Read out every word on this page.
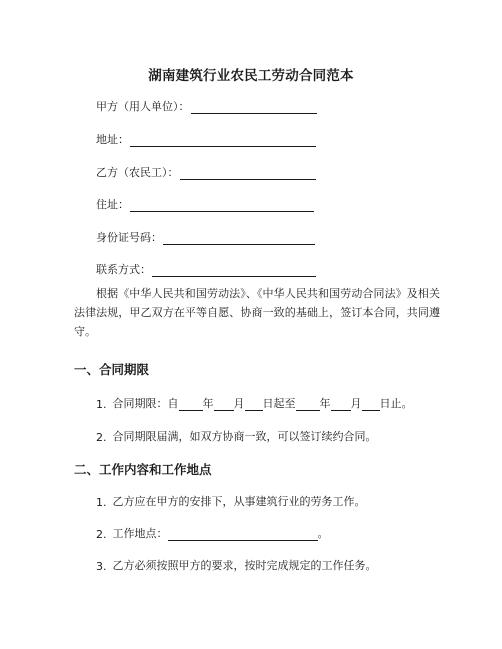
湖南建筑行业农民工劳动合同范本
甲方（用人单位）：
地址：
乙方（农民工）：
住址：
身份证号码：
联系方式：
根据《中华人民共和国劳动法》、《中华人民共和国劳动合同法》及相关法律法规，甲乙双方在平等自愿、协商一致的基础上，签订本合同，共同遵守。
一、合同期限
1. 合同期限：自 年 月 日起至 年 月 日止。
2. 合同期限届满，如双方协商一致，可以签订续约合同。
二、工作内容和工作地点
1. 乙方应在甲方的安排下，从事建筑行业的劳务工作。
2. 工作地点：	。
3. 乙方必须按照甲方的要求，按时完成规定的工作任务。
